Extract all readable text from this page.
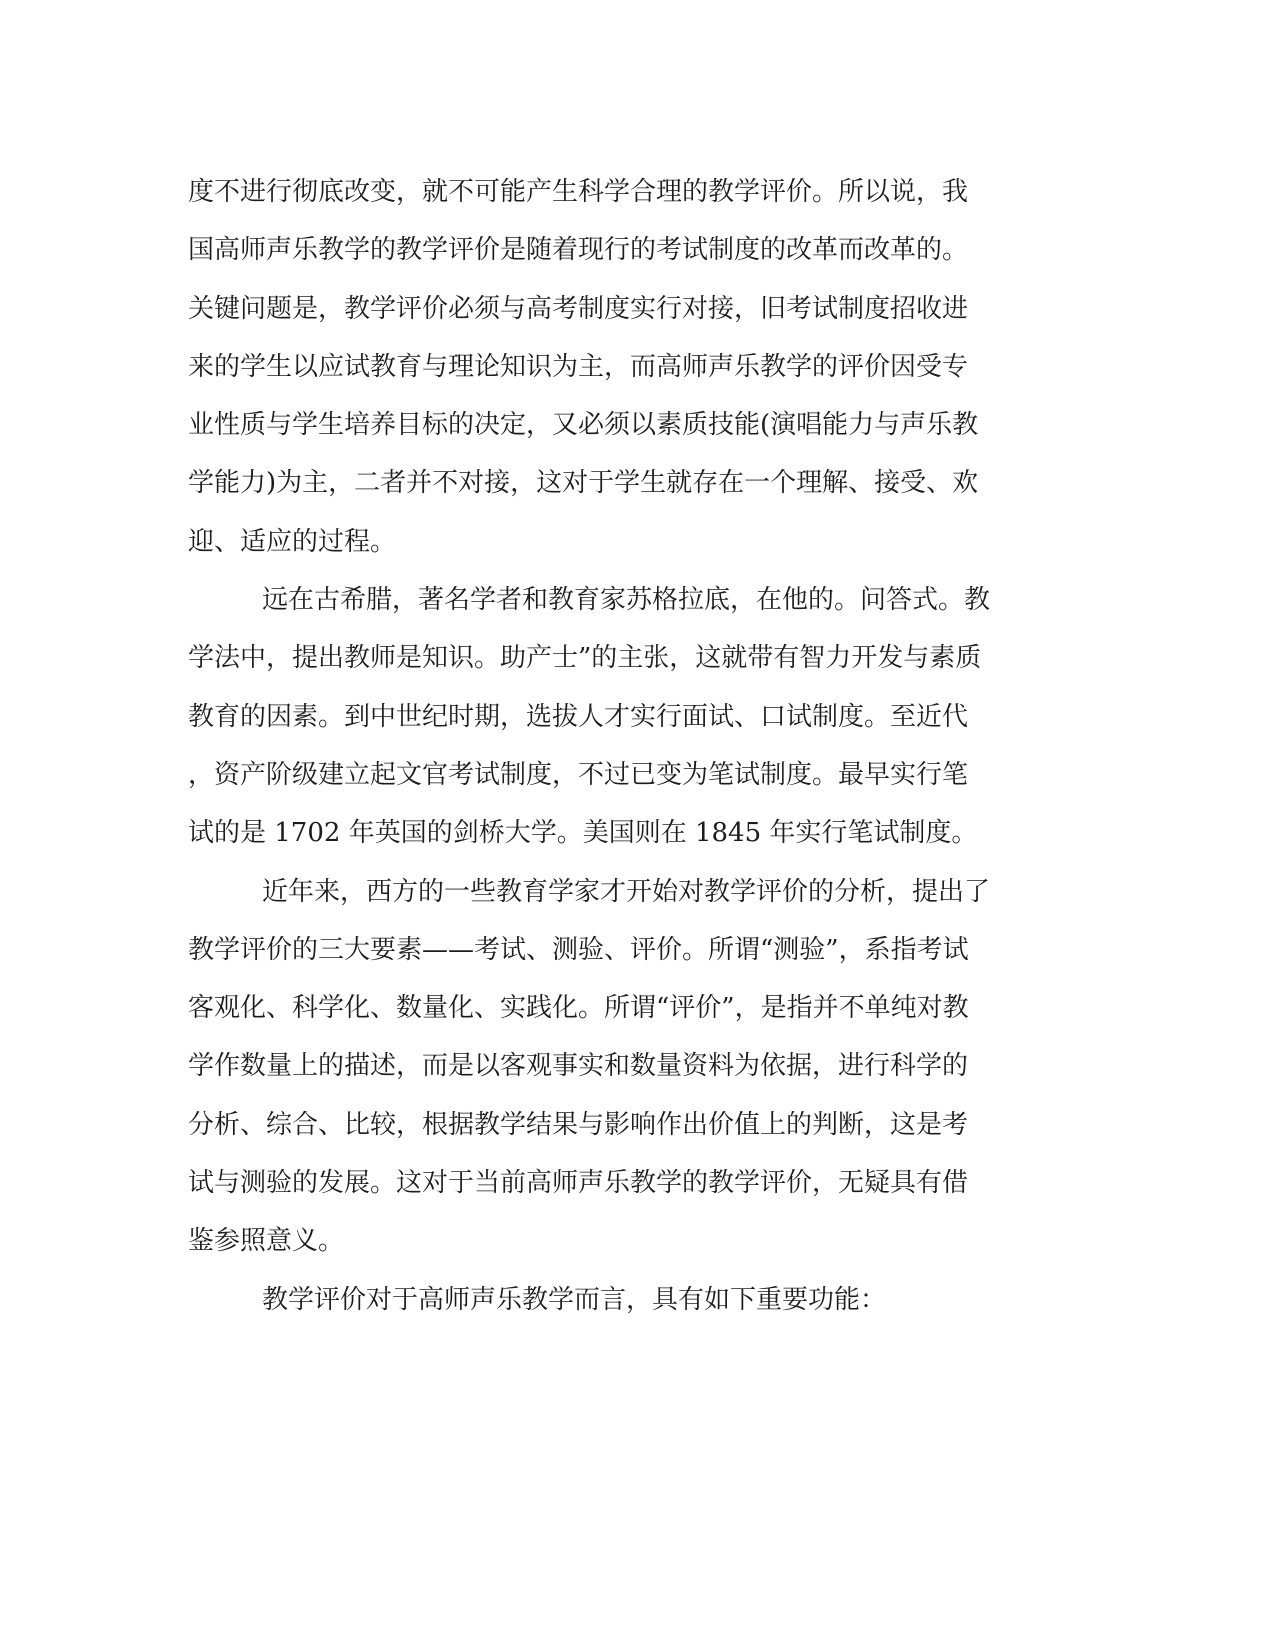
度不进行彻底改变，就不可能产生科学合理的教学评价。所以说，我
国高师声乐教学的教学评价是随着现行的考试制度的改革而改革的。
关键问题是，教学评价必须与高考制度实行对接，旧考试制度招收进
来的学生以应试教育与理论知识为主，而高师声乐教学的评价因受专
业性质与学生培养目标的决定，又必须以素质技能(演唱能力与声乐教
学能力)为主，二者并不对接，这对于学生就存在一个理解、接受、欢
迎、适应的过程。
远在古希腊，著名学者和教育家苏格拉底，在他的。问答式。教
学法中，提出教师是知识。助产士”的主张，这就带有智力开发与素质
教育的因素。到中世纪时期，选拔人才实行面试、口试制度。至近代
，资产阶级建立起文官考试制度，不过已变为笔试制度。最早实行笔
试的是 1702 年英国的剑桥大学。美国则在 1845 年实行笔试制度。
近年来，西方的一些教育学家才开始对教学评价的分析，提出了
教学评价的三大要素——考试、测验、评价。所谓“测验”，系指考试
客观化、科学化、数量化、实践化。所谓“评价”，是指并不单纯对教
学作数量上的描述，而是以客观事实和数量资料为依据，进行科学的
分析、综合、比较，根据教学结果与影响作出价值上的判断，这是考
试与测验的发展。这对于当前高师声乐教学的教学评价，无疑具有借
鉴参照意义。
教学评价对于高师声乐教学而言，具有如下重要功能：
